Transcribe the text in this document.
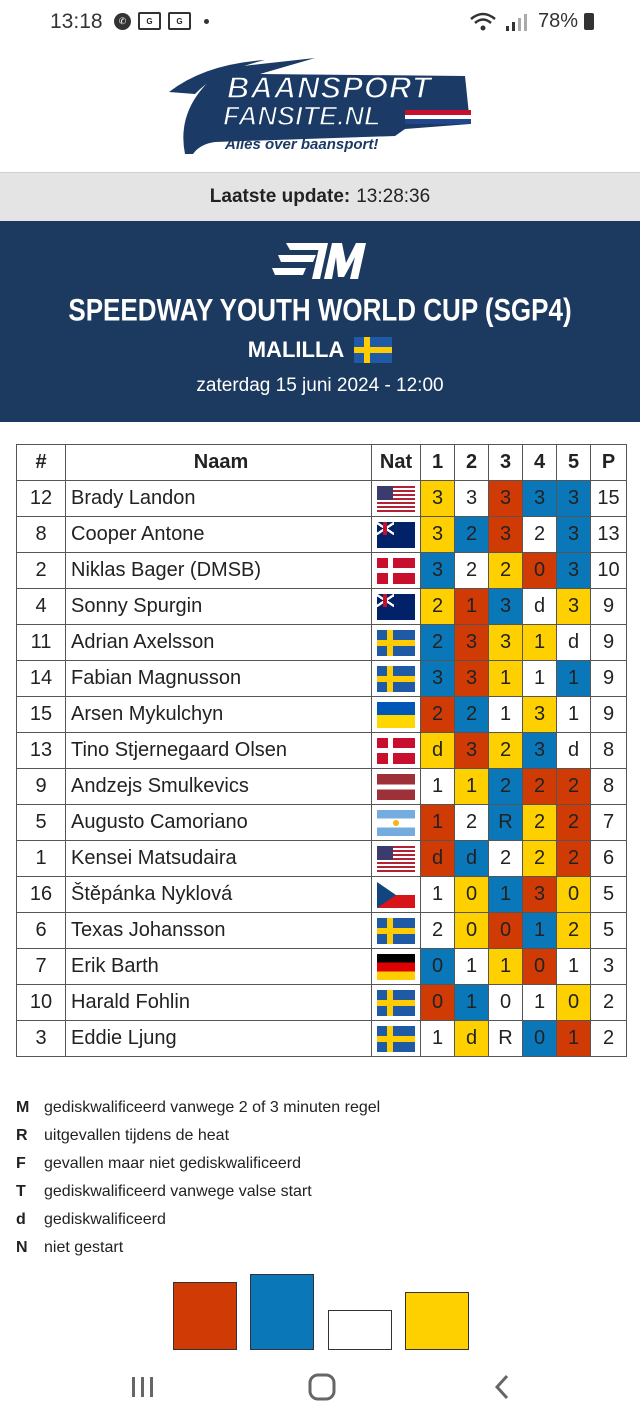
13:18	✆	G	G	78%
BAANSPORT
FANSITE.NL
Alles over baansport!
Laatste update: 13:28:36
SPEEDWAY YOUTH WORLD CUP (SGP4)
MALILLA
zaterdag 15 juni 2024 - 12:00
#	Naam	Nat	1	2	3	4	5	P
12	Brady Landon		3	3	3	3	3	15
8	Cooper Antone		3	2	3	2	3	13
2	Niklas Bager (DMSB)		3	2	2	0	3	10
4	Sonny Spurgin		2	1	3	d	3	9
11	Adrian Axelsson		2	3	3	1	d	9
14	Fabian Magnusson		3	3	1	1	1	9
15	Arsen Mykulchyn		2	2	1	3	1	9
13	Tino Stjernegaard Olsen		d	3	2	3	d	8
9	Andzejs Smulkevics		1	1	2	2	2	8
5	Augusto Camoriano		1	2	R	2	2	7
1	Kensei Matsudaira		d	d	2	2	2	6
16	Štěpánka Nyklová		1	0	1	3	0	5
6	Texas Johansson		2	0	0	1	2	5
7	Erik Barth		0	1	1	0	1	3
10	Harald Fohlin		0	1	0	1	0	2
3	Eddie Ljung		1	d	R	0	1	2
M gediskwalificeerd vanwege 2 of 3 minuten regel
R	uitgevallen tijdens de heat
F	gevallen maar niet gediskwalificeerd
T	gediskwalificeerd vanwege valse start
d	gediskwalificeerd
N	niet gestart
